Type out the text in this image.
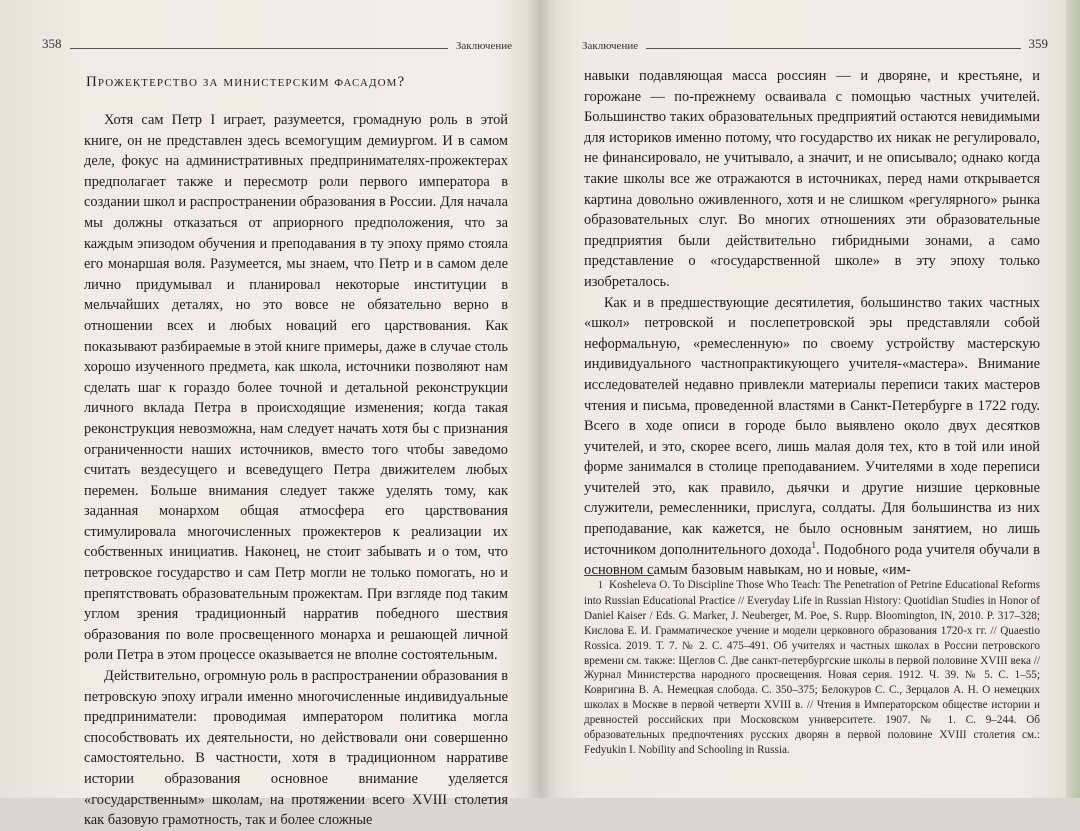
358	Заключение
Прожектерство за министерским фасадом?

Хотя сам Петр I играет, разумеется, громадную роль в этой книге, он не представлен здесь всемогущим демиургом. И в самом деле, фокус на административных предпринимателях-прожектерах предполагает также и пересмотр роли первого императора в создании школ и распространении образования в России. Для начала мы должны отказаться от априорного предположения, что за каждым эпизодом обучения и преподавания в ту эпоху прямо стояла его монаршая воля. Разумеется, мы знаем, что Петр и в самом деле лично придумывал и планировал некоторые институции в мельчайших деталях, но это вовсе не обязательно верно в отношении всех и любых новаций его царствования. Как показывают разбираемые в этой книге примеры, даже в случае столь хорошо изученного предмета, как школа, источники позволяют нам сделать шаг к гораздо более точной и детальной реконструкции личного вклада Петра в происходящие изменения; когда такая реконструкция невозможна, нам следует начать хотя бы с признания ограниченности наших источников, вместо того чтобы заведомо считать вездесущего и всеведущего Петра движителем любых перемен. Больше внимания следует также уделять тому, как заданная монархом общая атмосфера его царствования стимулировала многочисленных прожектеров к реализации их собственных инициатив. Наконец, не стоит забывать и о том, что петровское государство и сам Петр могли не только помогать, но и препятствовать образовательным прожектам. При взгляде под таким углом зрения традиционный нарратив победного шествия образования по воле просвещенного монарха и решающей личной роли Петра в этом процессе оказывается не вполне состоятельным.

Действительно, огромную роль в распространении образования в петровскую эпоху играли именно многочисленные индивидуальные предприниматели: проводимая императором политика могла способствовать их деятельности, но действовали они совершенно самостоятельно. В частности, хотя в традиционном нарративе истории образования основное внимание уделяется «государственным» школам, на протяжении всего XVIII столетия как базовую грамотность, так и более сложные

Заключение	359

навыки подавляющая масса россиян — и дворяне, и крестьяне, и горожане — по-прежнему осваивала с помощью частных учителей. Большинство таких образовательных предприятий остаются невидимыми для историков именно потому, что государство их никак не регулировало, не финансировало, не учитывало, а значит, и не описывало; однако когда такие школы все же отражаются в источниках, перед нами открывается картина довольно оживленного, хотя и не слишком «регулярного» рынка образовательных слуг. Во многих отношениях эти образовательные предприятия были действительно гибридными зонами, а само представление о «государственной школе» в эту эпоху только изобреталось.

Как и в предшествующие десятилетия, большинство таких частных «школ» петровской и послепетровской эры представляли собой неформальную, «ремесленную» по своему устройству мастерскую индивидуального частнопрактикующего учителя-«мастера». Внимание исследователей недавно привлекли материалы переписи таких мастеров чтения и письма, проведенной властями в Санкт-Петербурге в 1722 году. Всего в ходе описи в городе было выявлено около двух десятков учителей, и это, скорее всего, лишь малая доля тех, кто в той или иной форме занимался в столице преподаванием. Учителями в ходе переписи учителей это, как правило, дьячки и другие низшие церковные служители, ремесленники, прислуга, солдаты. Для большинства из них преподавание, как кажется, не было основным занятием, но лишь источником дополнительного дохода$^1$. Подобного рода учителя обучали в основном самым базовым навыкам, но и новые, «им-

1 Kosheleva O. To Discipline Those Who Teach: The Penetration of Petrine Educational Reforms into Russian Educational Practice // Everyday Life in Russian History: Quotidian Studies in Honor of Daniel Kaiser / Eds. G. Marker, J. Neuberger, M. Poe, S. Rupp. Bloomington, IN, 2010. P. 317–328; Кислова Е. И. Грамматическое учение и модели церковного образования 1720-х гг. // Quaestio Rossica. 2019. Т. 7. № 2. С. 475–491. Об учителях и частных школах в России петровского времени см. также: Щеглов С. Две санкт-петербургские школы в первой половине XVIII века // Журнал Министерства народного просвещения. Новая серия. 1912. Ч. 39. № 5. С. 1–55; Ковригина В. А. Немецкая слобода. С. 350–375; Белокуров С. С., Зерцалов А. Н. О немецких школах в Москве в первой четверти XVIII в. // Чтения в Императорском обществе истории и древностей российских при Московском университете. 1907. № 1. С. 9–244. Об образовательных предпочтениях русских дворян в первой половине XVIII столетия см.: Fedyukin I. Nobility and Schooling in Russia.
